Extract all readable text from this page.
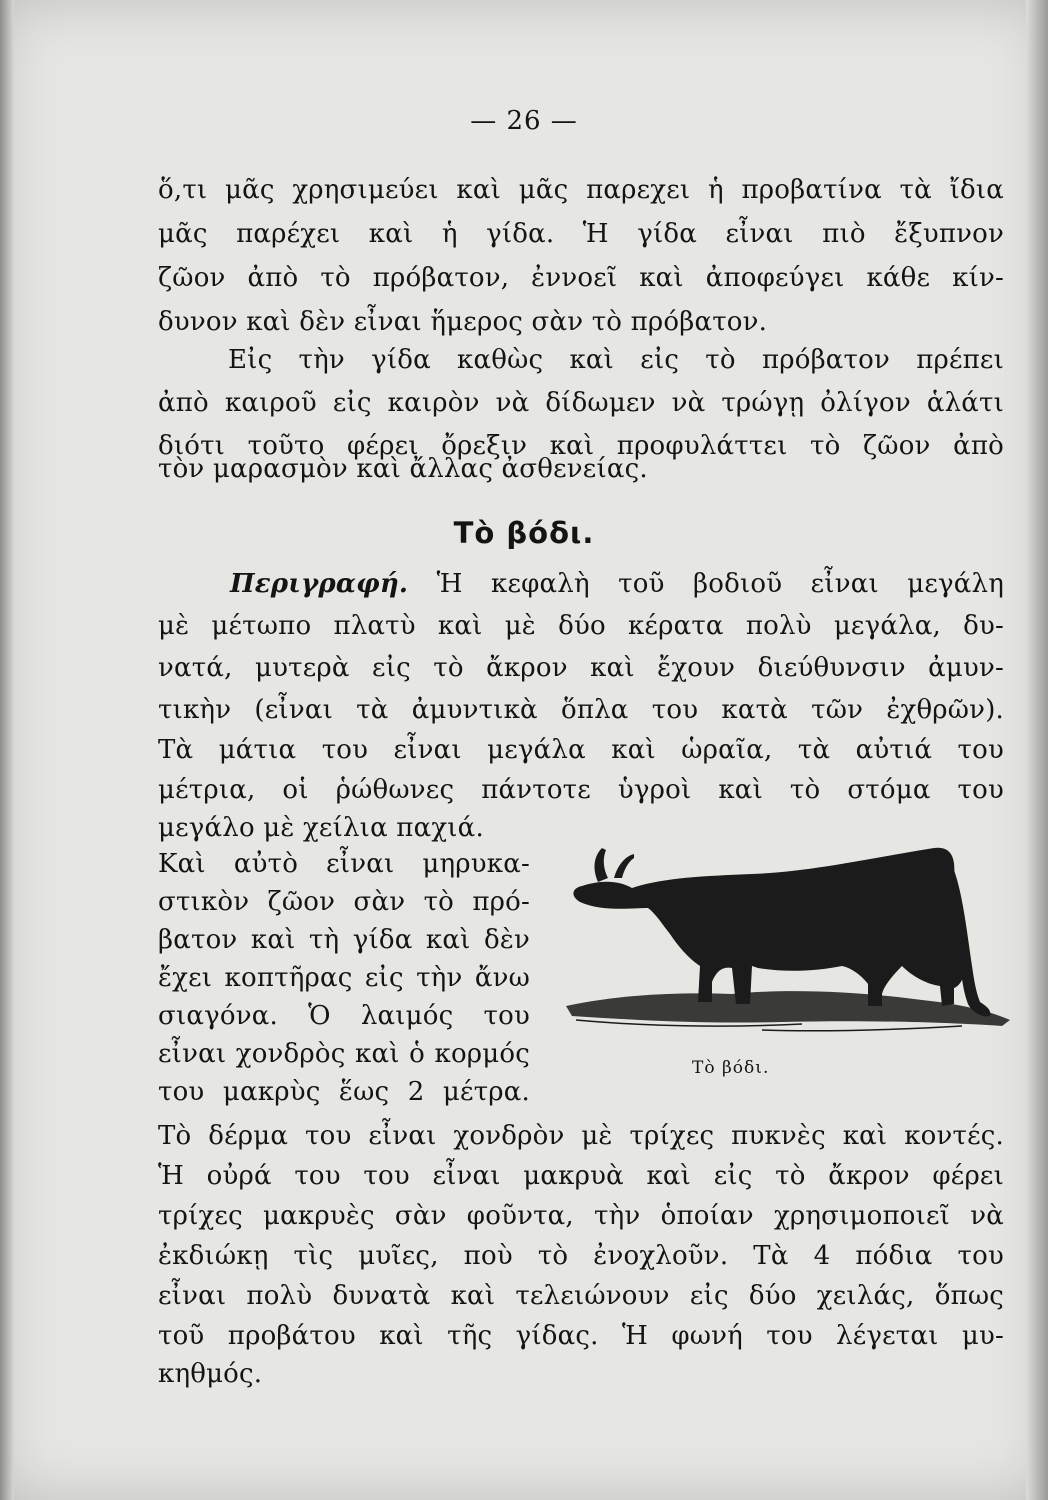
— 26 —
ὅ,τι μᾶς χρησιμεύει καὶ μᾶς παρεχει ἡ προβατίνα τὰ ἴδια
μᾶς παρέχει καὶ ἡ γίδα. Ἡ γίδα εἶναι πιὸ ἔξυπνον
ζῶον ἀπὸ τὸ πρόβατον, ἐννοεῖ καὶ ἀποφεύγει κάθε κίν-
δυνον καὶ δὲν εἶναι ἥμερος σὰν τὸ πρόβατον.
Εἰς τὴν γίδα καθὼς καὶ εἰς τὸ πρόβατον πρέπει
ἀπὸ καιροῦ εἰς καιρὸν νὰ δίδωμεν νὰ τρώγῃ ὀλίγον ἁλάτι
διότι τοῦτο φέρει ὄρεξιν καὶ προφυλάττει τὸ ζῶον ἀπὸ
τὸν μαρασμὸν καὶ ἄλλας ἀσθενείας.
Τὸ βόδι.
Περιγραφή. Ἡ κεφαλὴ τοῦ βοδιοῦ εἶναι μεγάλη
μὲ μέτωπο πλατὺ καὶ μὲ δύο κέρατα πολὺ μεγάλα, δυ-
νατά, μυτερὰ εἰς τὸ ἄκρον καὶ ἔχουν διεύθυνσιν ἀμυν-
τικὴν (εἶναι τὰ ἀμυντικὰ ὅπλα του κατὰ τῶν ἐχθρῶν).
Τὰ μάτια του εἶναι μεγάλα καὶ ὡραῖα, τὰ αὐτιά του
μέτρια, οἱ ῥώθωνες πάντοτε ὑγροὶ καὶ τὸ στόμα του
μεγάλο μὲ χείλια παχιά.
Καὶ αὐτὸ εἶναι μηρυκα-
στικὸν ζῶον σὰν τὸ πρό-
βατον καὶ τὴ γίδα καὶ δὲν
ἔχει κοπτῆρας εἰς τὴν ἄνω
σιαγόνα. Ὁ λαιμός του
εἶναι χονδρὸς καὶ ὁ κορμός
του μακρὺς ἕως 2 μέτρα.
Τὸ βόδι.
Τὸ δέρμα του εἶναι χονδρὸν μὲ τρίχες πυκνὲς καὶ κοντές.
Ἡ οὐρά του του εἶναι μακρυὰ καὶ εἰς τὸ ἄκρον φέρει
τρίχες μακρυὲς σὰν φοῦντα, τὴν ὁποίαν χρησιμοποιεῖ νὰ
ἐκδιώκῃ τὶς μυῖες, ποὺ τὸ ἐνοχλοῦν. Τὰ 4 πόδια του
εἶναι πολὺ δυνατὰ καὶ τελειώνουν εἰς δύο χειλάς, ὅπως
τοῦ προβάτου καὶ τῆς γίδας. Ἡ φωνή του λέγεται μυ-
κηθμός.
